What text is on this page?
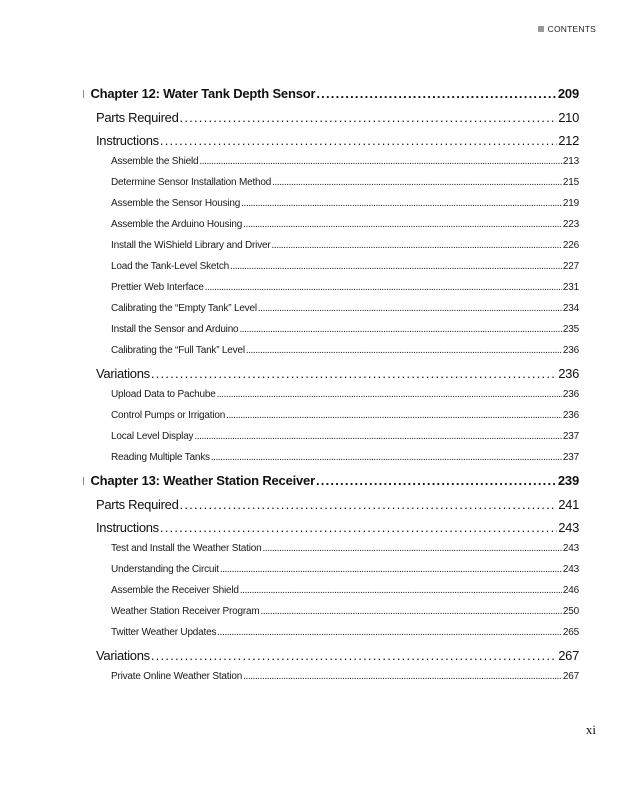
CONTENTS
Chapter 12: Water Tank Depth Sensor . . .	209
Parts Required . . .	210
Instructions . . .	212
Assemble the Shield . . .	213
Determine Sensor Installation Method . . .	215
Assemble the Sensor Housing . . .	219
Assemble the Arduino Housing . . .	223
Install the WiShield Library and Driver . . .	226
Load the Tank-Level Sketch . . .	227
Prettier Web Interface . . .	231
Calibrating the “Empty Tank” Level . . .	234
Install the Sensor and Arduino . . .	235
Calibrating the “Full Tank” Level . . .	236
Variations . . .	236
Upload Data to Pachube . . .	236
Control Pumps or Irrigation . . .	236
Local Level Display . . .	237
Reading Multiple Tanks . . .	237
Chapter 13: Weather Station Receiver . . .	239
Parts Required . . .	241
Instructions . . .	243
Test and Install the Weather Station . . .	243
Understanding the Circuit . . .	243
Assemble the Receiver Shield . . .	246
Weather Station Receiver Program . . .	250
Twitter Weather Updates . . .	265
Variations . . .	267
Private Online Weather Station . . .	267
xi
